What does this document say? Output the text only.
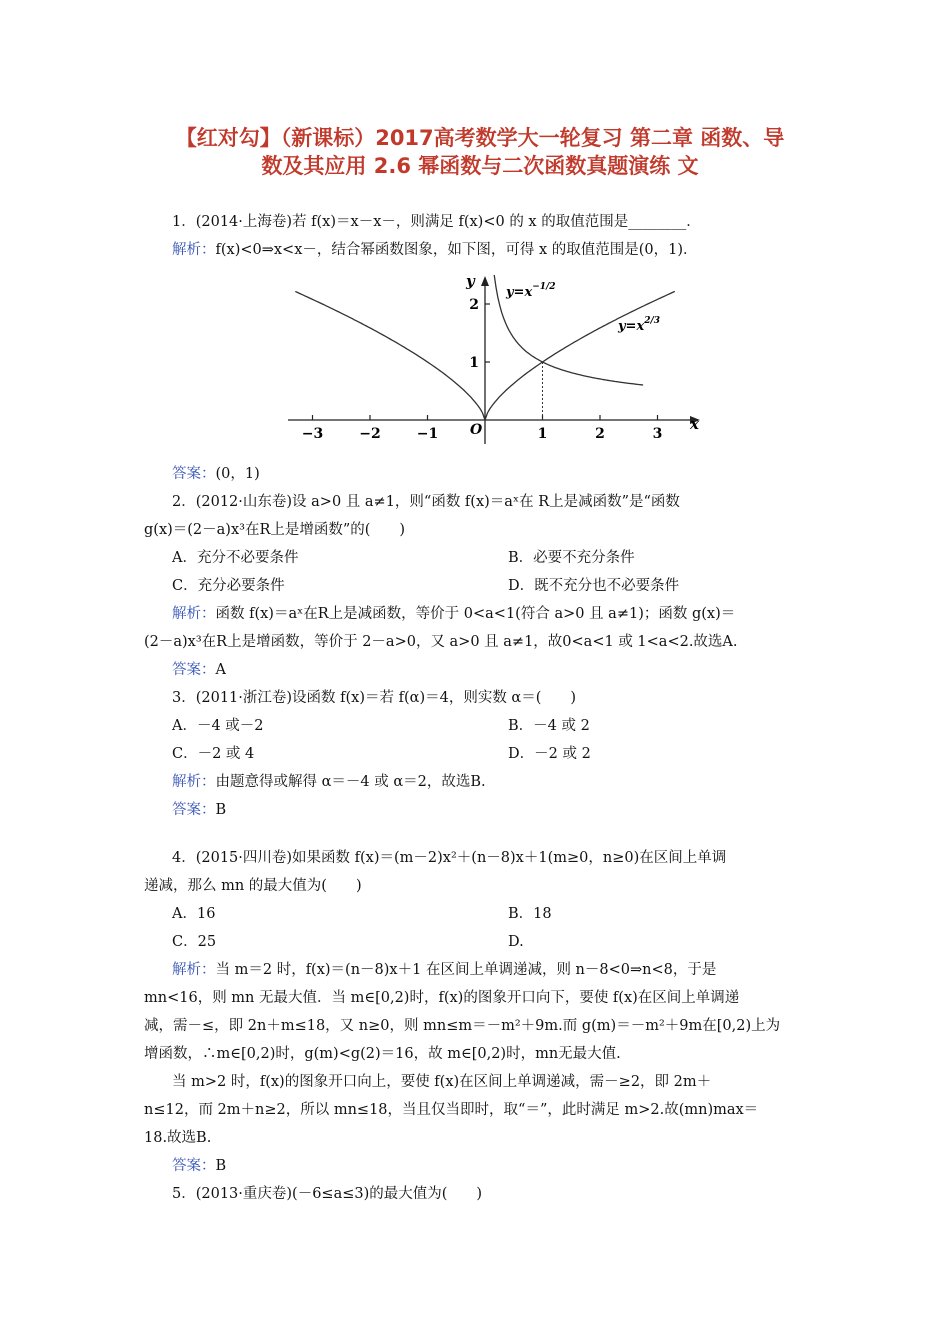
【红对勾】（新课标）2017高考数学大一轮复习 第二章 函数、导
数及其应用 2.6 幂函数与二次函数真题演练 文
1．(2014·上海卷)若 f(x)＝x－x－，则满足 f(x)<0 的 x 的取值范围是________．
解析：f(x)<0⇒x<x－，结合幂函数图象，如下图，可得 x 的取值范围是(0，1)．
−3	−2	−1	1	2	3
1
2
x
y
O
$y=x^{-1/2}$
$y=x^{2/3}$
答案：(0，1)
2．(2012·山东卷)设 a>0 且 a≠1，则“函数 f(x)＝aˣ在 R上是减函数”是“函数
g(x)＝(2－a)x³在R上是增函数”的(　　)
A．充分不必要条件	B．必要不充分条件
C．充分必要条件	D．既不充分也不必要条件
解析：函数 f(x)＝aˣ在R上是减函数，等价于 0<a<1(符合 a>0 且 a≠1)；函数 g(x)＝
(2－a)x³在R上是增函数，等价于 2－a>0，又 a>0 且 a≠1，故0<a<1 或 1<a<2.故选A.
答案：A
3．(2011·浙江卷)设函数 f(x)＝若 f(α)＝4，则实数 α＝(　　)
A．－4 或－2	B．－4 或 2
C．－2 或 4	D．－2 或 2
解析：由题意得或解得 α＝－4 或 α＝2，故选B.
答案：B
4．(2015·四川卷)如果函数 f(x)＝(m－2)x²＋(n－8)x＋1(m≥0，n≥0)在区间上单调
递减，那么 mn 的最大值为(　　)
A．16	B．18
C．25	D.
解析：当 m＝2 时，f(x)＝(n－8)x＋1 在区间上单调递减，则 n－8<0⇒n<8，于是
mn<16，则 mn 无最大值．当 m∈[0,2)时，f(x)的图象开口向下，要使 f(x)在区间上单调递
减，需－≤，即 2n＋m≤18，又 n≥0，则 mn≤m＝－m²＋9m.而 g(m)＝－m²＋9m在[0,2)上为
增函数，∴m∈[0,2)时，g(m)<g(2)＝16，故 m∈[0,2)时，mn无最大值.
当 m>2 时，f(x)的图象开口向上，要使 f(x)在区间上单调递减，需－≥2，即 2m＋
n≤12，而 2m＋n≥2，所以 mn≤18，当且仅当即时，取“＝”，此时满足 m>2.故(mn)max＝
18.故选B.
答案：B
5．(2013·重庆卷)(－6≤a≤3)的最大值为(　　)
